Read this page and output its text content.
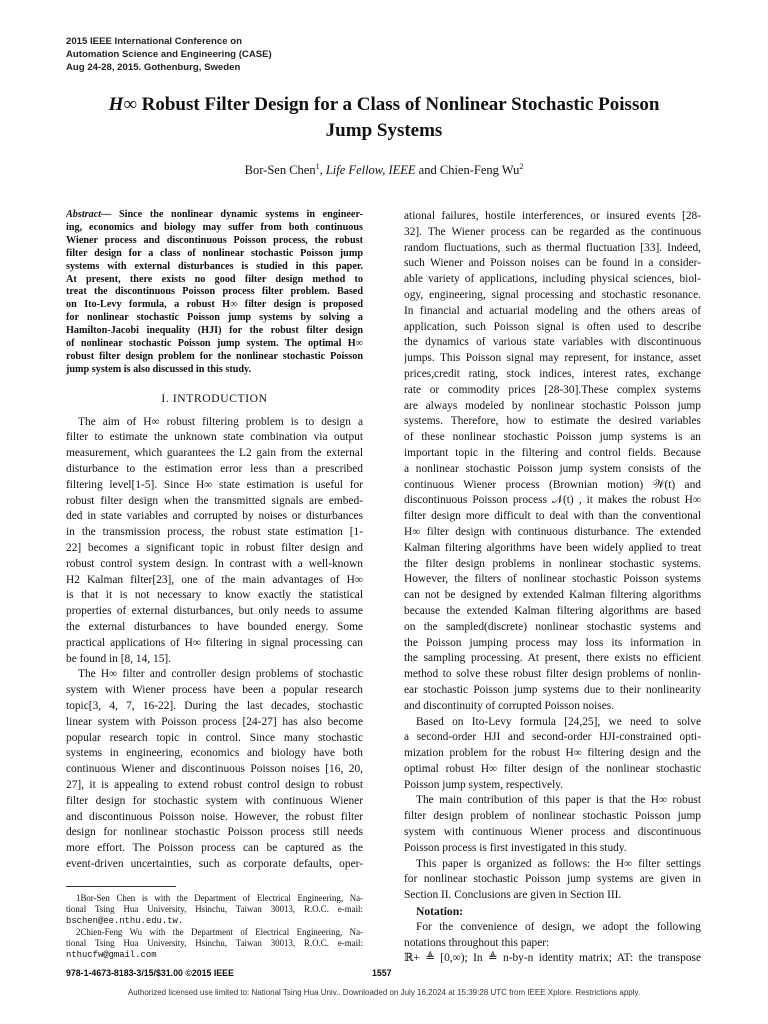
2015 IEEE International Conference on
Automation Science and Engineering (CASE)
Aug 24-28, 2015. Gothenburg, Sweden
H∞ Robust Filter Design for a Class of Nonlinear Stochastic Poisson
Jump Systems
Bor-Sen Chen$^1$, Life Fellow, IEEE and Chien-Feng Wu$^2$
Abstract— Since the nonlinear dynamic systems in engineer-
ing, economics and biology may suffer from both continuous
Wiener process and discontinuous Poisson process, the robust
filter design for a class of nonlinear stochastic Poisson jump
systems with external disturbances is studied in this paper.
At present, there exists no good filter design method to
treat the discontinuous Poisson process filter problem. Based
on Ito-Levy formula, a robust H∞ filter design is proposed
for nonlinear stochastic Poisson jump systems by solving a
Hamilton-Jacobi inequality (HJI) for the robust filter design
of nonlinear stochastic Poisson jump system. The optimal H∞
robust filter design problem for the nonlinear stochastic Poisson
jump system is also discussed in this study.
I. INTRODUCTION
The aim of H∞ robust filtering problem is to design a
filter to estimate the unknown state combination via output
measurement, which guarantees the L2 gain from the external
disturbance to the estimation error less than a prescribed
filtering level[1-5]. Since H∞ state estimation is useful for
robust filter design when the transmitted signals are embed-
ded in state variables and corrupted by noises or disturbances
in the transmission process, the robust state estimation [1-
22] becomes a significant topic in robust filter design and
robust control system design. In contrast with a well-known
H2 Kalman filter[23], one of the main advantages of H∞
is that it is not necessary to know exactly the statistical
properties of external disturbances, but only needs to assume
the external disturbances to have bounded energy. Some
practical applications of H∞ filtering in signal processing can
be found in [8, 14, 15].
The H∞ filter and controller design problems of stochastic
system with Wiener process have been a popular research
topic[3, 4, 7, 16-22]. During the last decades, stochastic
linear system with Poisson process [24-27] has also become
popular research topic in control. Since many stochastic
systems in engineering, economics and biology have both
continuous Wiener and discontinuous Poisson noises [16, 20,
27], it is appealing to extend robust control design to robust
filter design for stochastic system with continuous Wiener
and discontinuous Poisson noise. However, the robust filter
design for nonlinear stochastic Poisson process still needs
more effort. The Poisson process can be captured as the
event-driven uncertainties, such as corporate defaults, oper-
1Bor-Sen Chen is with the Department of Electrical Engineering, Na-
tional Tsing Hua University, Hsinchu, Taiwan 30013, R.O.C. e-mail:
bschen@ee.nthu.edu.tw.
2Chien-Feng Wu with the Department of Electrical Engineering, Na-
tional Tsing Hua University, Hsinchu, Taiwan 30013, R.O.C. e-mail:
nthucfw@gmail.com
ational failures, hostile interferences, or insured events [28-
32]. The Wiener process can be regarded as the continuous
random fluctuations, such as thermal fluctuation [33]. Indeed,
such Wiener and Poisson noises can be found in a consider-
able variety of applications, including physical sciences, biol-
ogy, engineering, signal processing and stochastic resonance.
In financial and actuarial modeling and the others areas of
application, such Poisson signal is often used to describe
the dynamics of various state variables with discontinuous
jumps. This Poisson signal may represent, for instance, asset
prices,credit rating, stock indices, interest rates, exchange
rate or commodity prices [28-30].These complex systems
are always modeled by nonlinear stochastic Poisson jump
systems. Therefore, how to estimate the desired variables
of these nonlinear stochastic Poisson jump systems is an
important topic in the filtering and control fields. Because
a nonlinear stochastic Poisson jump system consists of the
continuous Wiener process (Brownian motion) 𝒲(t) and
discontinuous Poisson process 𝒩(t) , it makes the robust H∞
filter design more difficult to deal with than the conventional
H∞ filter design with continuous disturbance. The extended
Kalman filtering algorithms have been widely applied to treat
the filter design problems in nonlinear stochastic systems.
However, the filters of nonlinear stochastic Poisson systems
can not be designed by extended Kalman filtering algorithms
because the extended Kalman filtering algorithms are based
on the sampled(discrete) nonlinear stochastic systems and
the Poisson jumping process may loss its information in
the sampling processing. At present, there exists no efficient
method to solve these robust filter design problems of nonlin-
ear stochastic Poisson jump systems due to their nonlinearity
and discontinuity of corrupted Poisson noises.
Based on Ito-Levy formula [24,25], we need to solve
a second-order HJI and second-order HJI-constrained opti-
mization problem for the robust H∞ filtering design and the
optimal robust H∞ filter design of the nonlinear stochastic
Poisson jump system, respectively.
The main contribution of this paper is that the H∞ robust
filter design problem of nonlinear stochastic Poisson jump
system with continuous Wiener process and discontinuous
Poisson process is first investigated in this study.
This paper is organized as follows: the H∞ filter settings
for nonlinear stochastic Poisson jump systems are given in
Section II. Conclusions are given in Section III.
Notation:
For the convenience of design, we adopt the following
notations throughout this paper:
ℝ+ ≜ [0,∞); In ≜ n-by-n identity matrix; AT: the transpose
978-1-4673-8183-3/15/$31.00 ©2015 IEEE	1557
Authorized licensed use limited to: National Tsing Hua Univ.. Downloaded on July 16,2024 at 15:39:28 UTC from IEEE Xplore. Restrictions apply.
